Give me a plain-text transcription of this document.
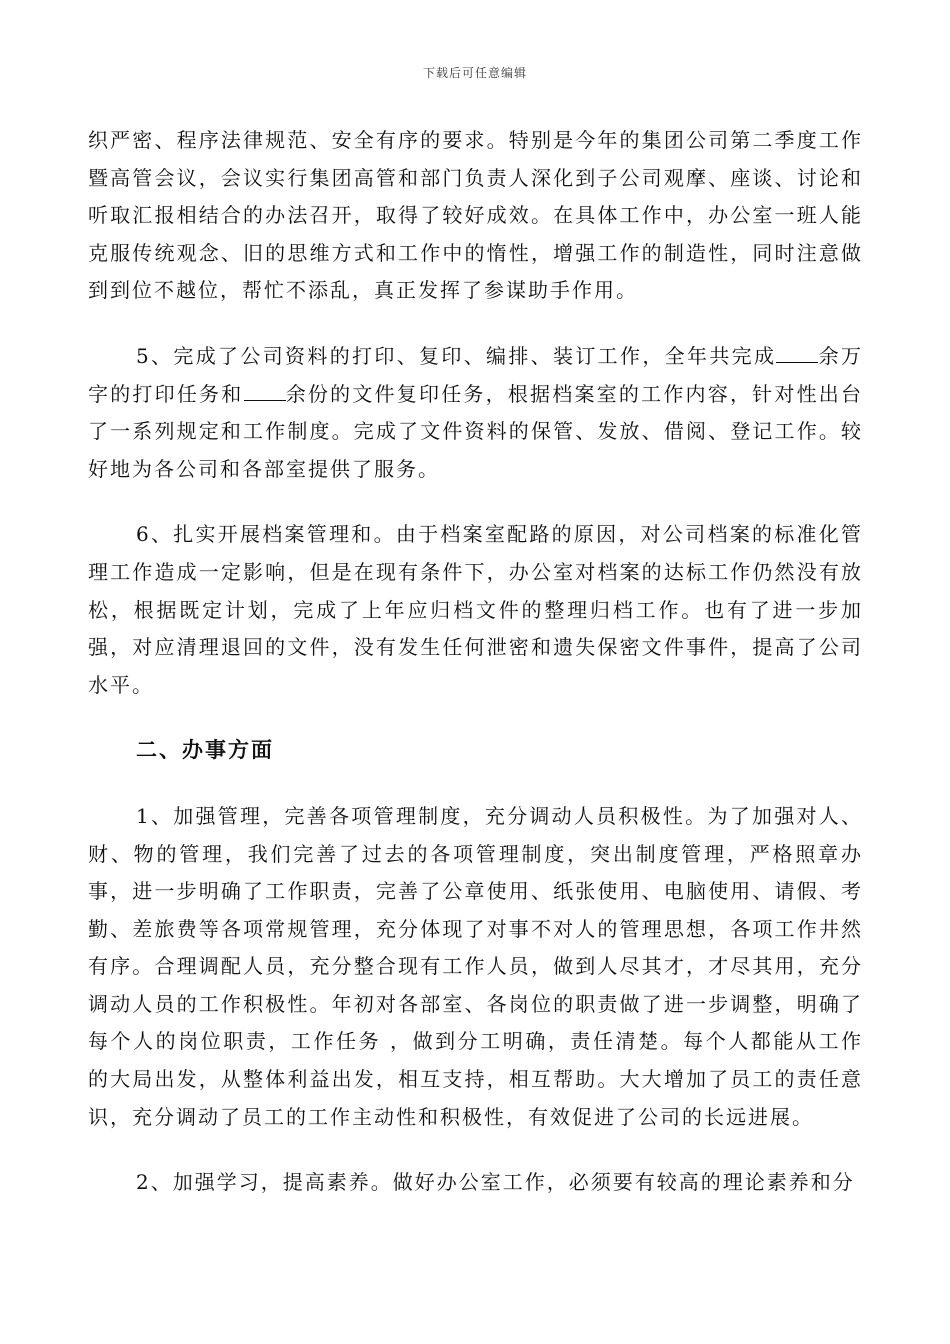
下载后可任意编辑

织严密、程序法律规范、安全有序的要求。特别是今年的集团公司第二季度工作暨高管会议，会议实行集团高管和部门负责人深化到子公司观摩、座谈、讨论和听取汇报相结合的办法召开，取得了较好成效。在具体工作中，办公室一班人能克服传统观念、旧的思维方式和工作中的惰性，增强工作的制造性，同时注意做到到位不越位，帮忙不添乱，真正发挥了参谋助手作用。

5、完成了公司资料的打印、复印、编排、装订工作，全年共完成 余万字的打印任务和 余份的文件复印任务，根据档案室的工作内容，针对性出台了一系列规定和工作制度。完成了文件资料的保管、发放、借阅、登记工作。较好地为各公司和各部室提供了服务。

6、扎实开展档案管理和。由于档案室配路的原因，对公司档案的标准化管理工作造成一定影响，但是在现有条件下，办公室对档案的达标工作仍然没有放松，根据既定计划，完成了上年应归档文件的整理归档工作。也有了进一步加强，对应清理退回的文件，没有发生任何泄密和遗失保密文件事件，提高了公司水平。

二、办事方面

1、加强管理，完善各项管理制度，充分调动人员积极性。为了加强对人、财、物的管理，我们完善了过去的各项管理制度，突出制度管理，严格照章办事，进一步明确了工作职责，完善了公章使用、纸张使用、电脑使用、请假、考勤、差旅费等各项常规管理，充分体现了对事不对人的管理思想，各项工作井然有序。合理调配人员，充分整合现有工作人员，做到人尽其才，才尽其用，充分调动人员的工作积极性。年初对各部室、各岗位的职责做了进一步调整，明确了每个人的岗位职责，工作任务 ，做到分工明确，责任清楚。每个人都能从工作的大局出发，从整体利益出发，相互支持，相互帮助。大大增加了员工的责任意识，充分调动了员工的工作主动性和积极性，有效促进了公司的长远进展。

2、加强学习，提高素养。做好办公室工作，必须要有较高的理论素养和分
